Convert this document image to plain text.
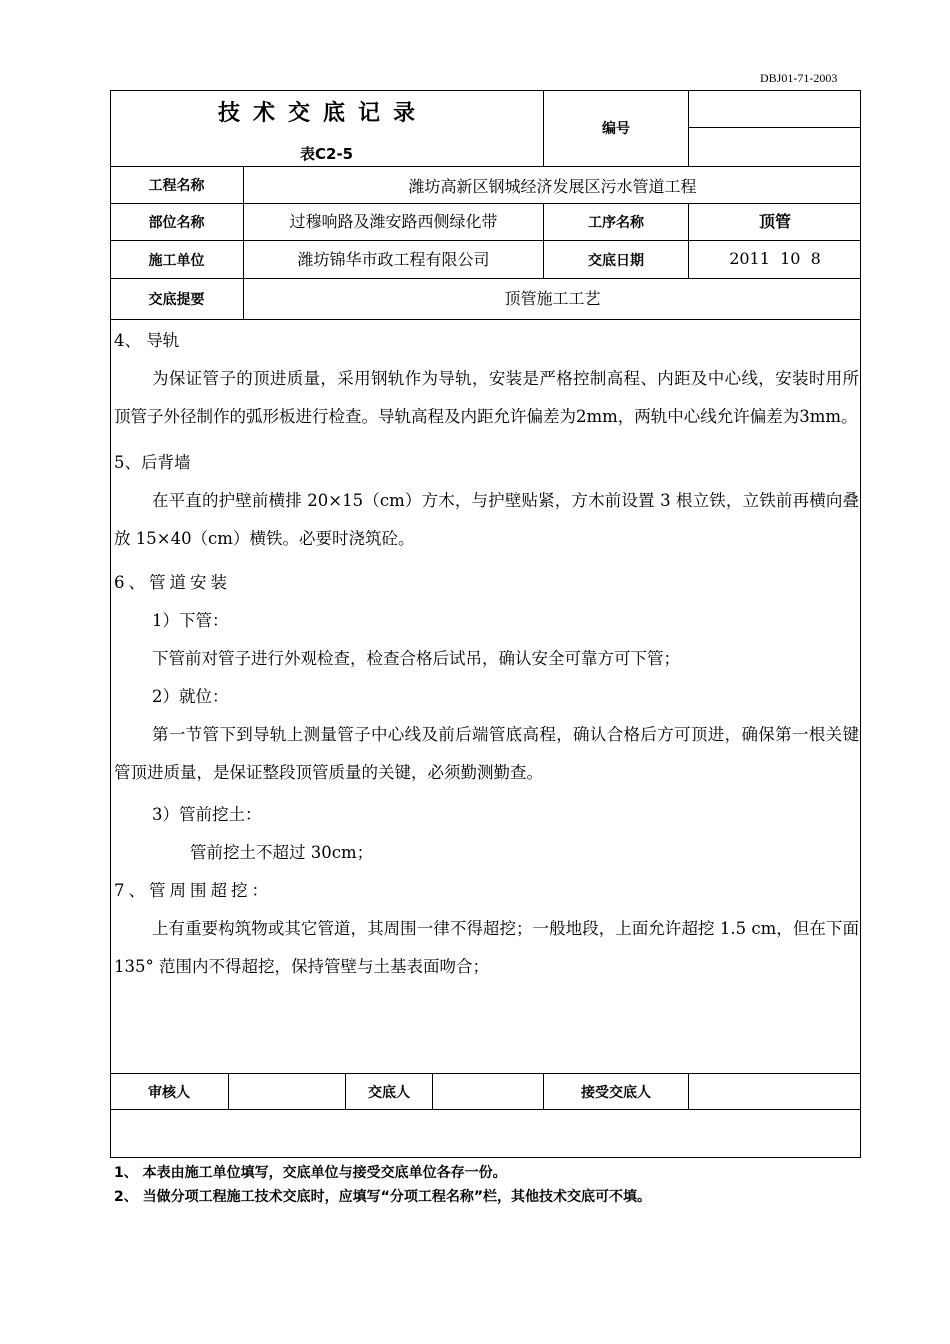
DBJ01-71-2003
技术交底记录
表C2-5
编号
工程名称	潍坊高新区钢城经济发展区污水管道工程
部位名称	过穆响路及潍安路西侧绿化带	工序名称	顶管
施工单位	潍坊锦华市政工程有限公司	交底日期	2011  10  8
交底提要	顶管施工工艺

4、 导轨

为保证管子的顶进质量，采用钢轨作为导轨，安装是严格控制高程、内距及中心线，安装时用所顶管子外径制作的弧形板进行检查。导轨高程及内距允许偏差为2mm，两轨中心线允许偏差为3mm。

5、后背墙

在平直的护壁前横排 20×15（cm）方木，与护壁贴紧，方木前设置 3 根立铁，立铁前再横向叠放 15×40（cm）横铁。必要时浇筑砼。

6、管道安装

1）下管：

下管前对管子进行外观检查，检查合格后试吊，确认安全可靠方可下管；

2）就位：

第一节管下到导轨上测量管子中心线及前后端管底高程，确认合格后方可顶进，确保第一根关键管顶进质量，是保证整段顶管质量的关键，必须勤测勤查。

3）管前挖土：

管前挖土不超过 30cm；

7、管周围超挖：

上有重要构筑物或其它管道，其周围一律不得超挖；一般地段，上面允许超挖 1.5 cm，但在下面 135° 范围内不得超挖，保持管壁与土基表面吻合；

审核人	交底人	接受交底人
1、 本表由施工单位填写，交底单位与接受交底单位各存一份。
2、 当做分项工程施工技术交底时，应填写“分项工程名称”栏，其他技术交底可不填。
